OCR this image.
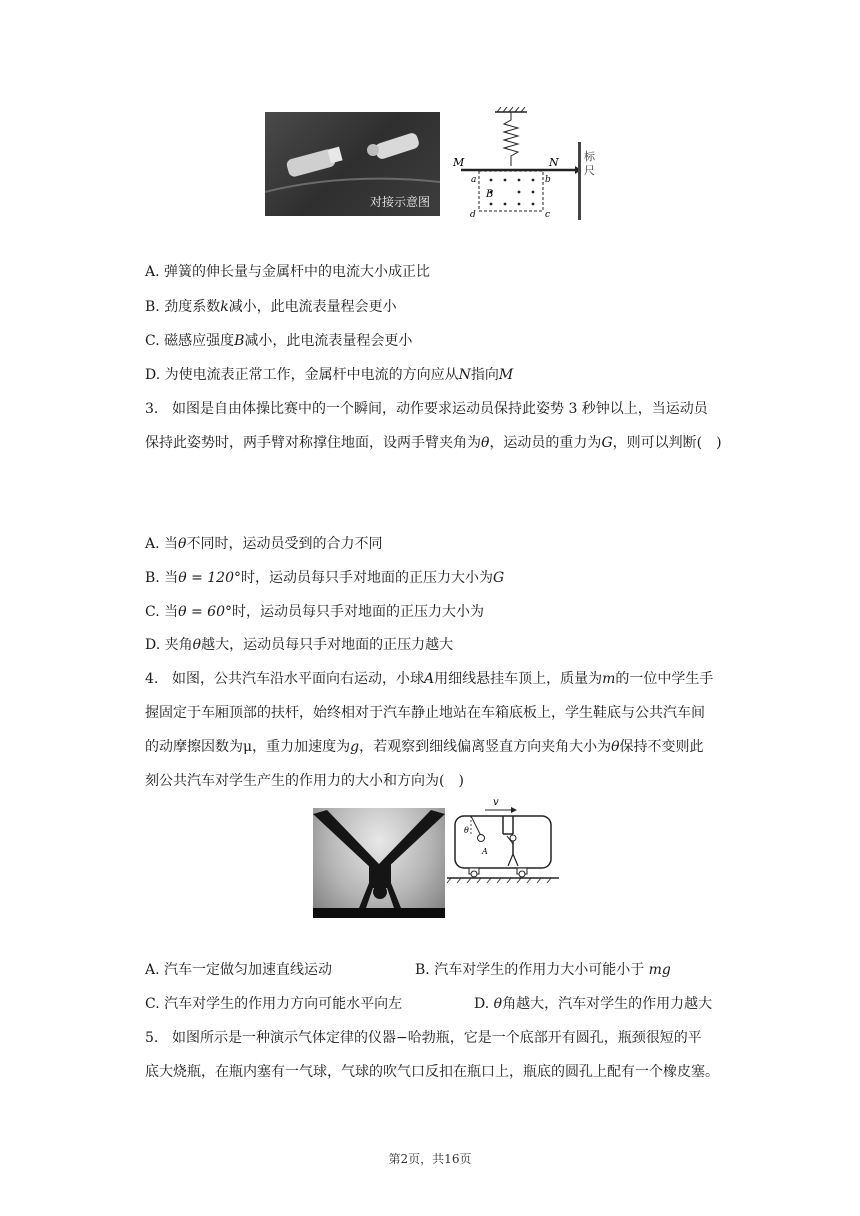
对接示意图
M	N
a	b
c
d
B
标尺
A. 弹簧的伸长量与金属杆中的电流大小成正比
B. 劲度系数k减小，此电流表量程会更小
C. 磁感应强度B减小，此电流表量程会更小
D. 为使电流表正常工作，金属杆中电流的方向应从N指向M
3. 如图是自由体操比赛中的一个瞬间，动作要求运动员保持此姿势 3 秒钟以上，当运动员
保持此姿势时，两手臂对称撑住地面，设两手臂夹角为θ，运动员的重力为G，则可以判断(　)
A. 当θ不同时，运动员受到的合力不同
B. 当θ = 120°时，运动员每只手对地面的正压力大小为G
C. 当θ = 60°时，运动员每只手对地面的正压力大小为
D. 夹角θ越大，运动员每只手对地面的正压力越大
4. 如图，公共汽车沿水平面向右运动，小球A用细线悬挂车顶上，质量为m的一位中学生手
握固定于车厢顶部的扶杆，始终相对于汽车静止地站在车箱底板上，学生鞋底与公共汽车间
的动摩擦因数为μ，重力加速度为g，若观察到细线偏离竖直方向夹角大小为θ保持不变则此
刻公共汽车对学生产生的作用力的大小和方向为(　)
v
θ
A
A. 汽车一定做匀加速直线运动	B. 汽车对学生的作用力大小可能小于 mg
C. 汽车对学生的作用力方向可能水平向左	D. θ角越大，汽车对学生的作用力越大
5. 如图所示是一种演示气体定律的仪器−哈勃瓶，它是一个底部开有圆孔，瓶颈很短的平
底大烧瓶，在瓶内塞有一气球，气球的吹气口反扣在瓶口上，瓶底的圆孔上配有一个橡皮塞。
第2页，共16页
